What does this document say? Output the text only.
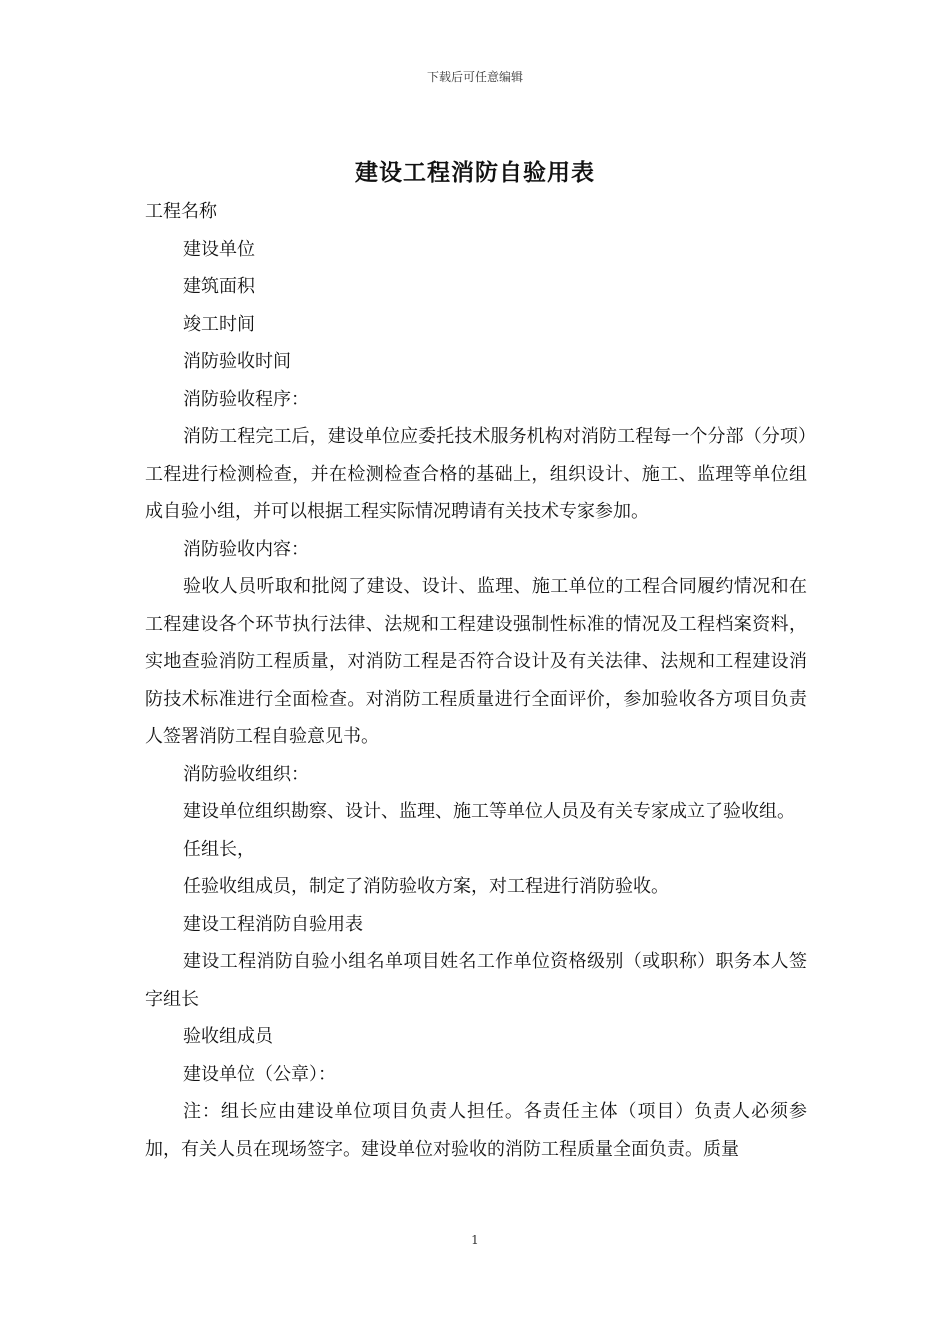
下载后可任意编辑
建设工程消防自验用表

工程名称

建设单位

建筑面积

竣工时间

消防验收时间

消防验收程序：

消防工程完工后，建设单位应委托技术服务机构对消防工程每一个分部（分项）工程进行检测检查，并在检测检查合格的基础上，组织设计、施工、监理等单位组成自验小组，并可以根据工程实际情况聘请有关技术专家参加。

消防验收内容：

验收人员听取和批阅了建设、设计、监理、施工单位的工程合同履约情况和在工程建设各个环节执行法律、法规和工程建设强制性标准的情况及工程档案资料，实地查验消防工程质量，对消防工程是否符合设计及有关法律、法规和工程建设消防技术标准进行全面检查。对消防工程质量进行全面评价，参加验收各方项目负责人签署消防工程自验意见书。

消防验收组织：

建设单位组织勘察、设计、监理、施工等单位人员及有关专家成立了验收组。

任组长，

任验收组成员，制定了消防验收方案，对工程进行消防验收。

建设工程消防自验用表

建设工程消防自验小组名单项目姓名工作单位资格级别（或职称）职务本人签字组长

验收组成员

建设单位（公章）：

注：组长应由建设单位项目负责人担任。各责任主体（项目）负责人必须参加，有关人员在现场签字。建设单位对验收的消防工程质量全面负责。质量

1
